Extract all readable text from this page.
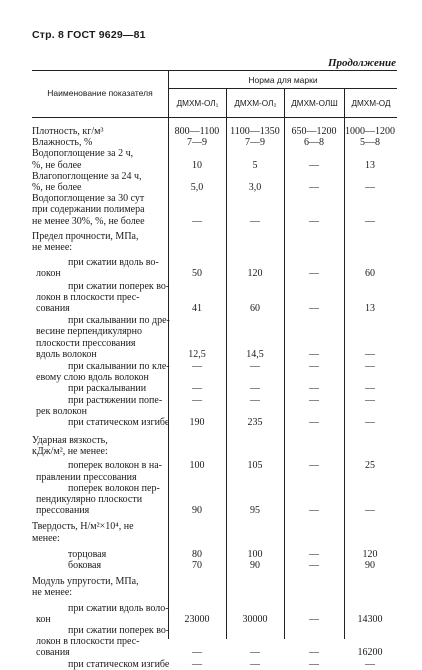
Стр. 8 ГОСТ 9629—81
Продолжение
Наименование показателя
Норма для марки
ДМХМ-ОЛ₁	ДМХМ-ОЛ₂	ДМХМ-ОЛШ	ДМХМ-ОД
Плотность, кг/м³	800—1100	1100—1350	650—1200 1000—1200
Влажность, %	7—9	7—9	6—8	5—8
Водопоглощение за 2 ч,
%, не более	10	5	—	13
Влагопоглощение за 24 ч,
%, не более	5,0	3,0	—	—
Водопоглощение за 30 сут
при содержании полимера
не менее 30%, %, не более	—	—	—	—
Предел прочности, МПа,
не менее:
при сжатии вдоль во-
локон	50	120	—	60
при сжатии поперек во-
локон в плоскости прес-
сования	41	60	—	13
при скалывании по дре-
весине перпендикулярно
плоскости прессования
вдоль волокон	12,5	14,5	—	—
при скалывании по кле-
евому слою вдоль волокон
—	—	—	—
при раскалывании	—	—	—	—
при растяжении попе-
рек волокон
—	—	—	—
при статическом изгибе	190	235	—	—
Ударная вязкость,
кДж/м², не менее:
поперек волокон в на-
правлении прессования
100	105	—	25
поперек волокон пер-
пендикулярно плоскости
прессования	90	95	—	—
Твердость, Н/м²×10⁴, не
менее:
торцовая	80	100	—	120
боковая	70	90	—	90
Модуль упругости, МПа,
не менее:
при сжатии вдоль воло-
кон	23000	30000	—	14300
при сжатии поперек во-
локон в плоскости прес-
сования	—	—	—	16200
при статическом изгибе	—	—	—	—
